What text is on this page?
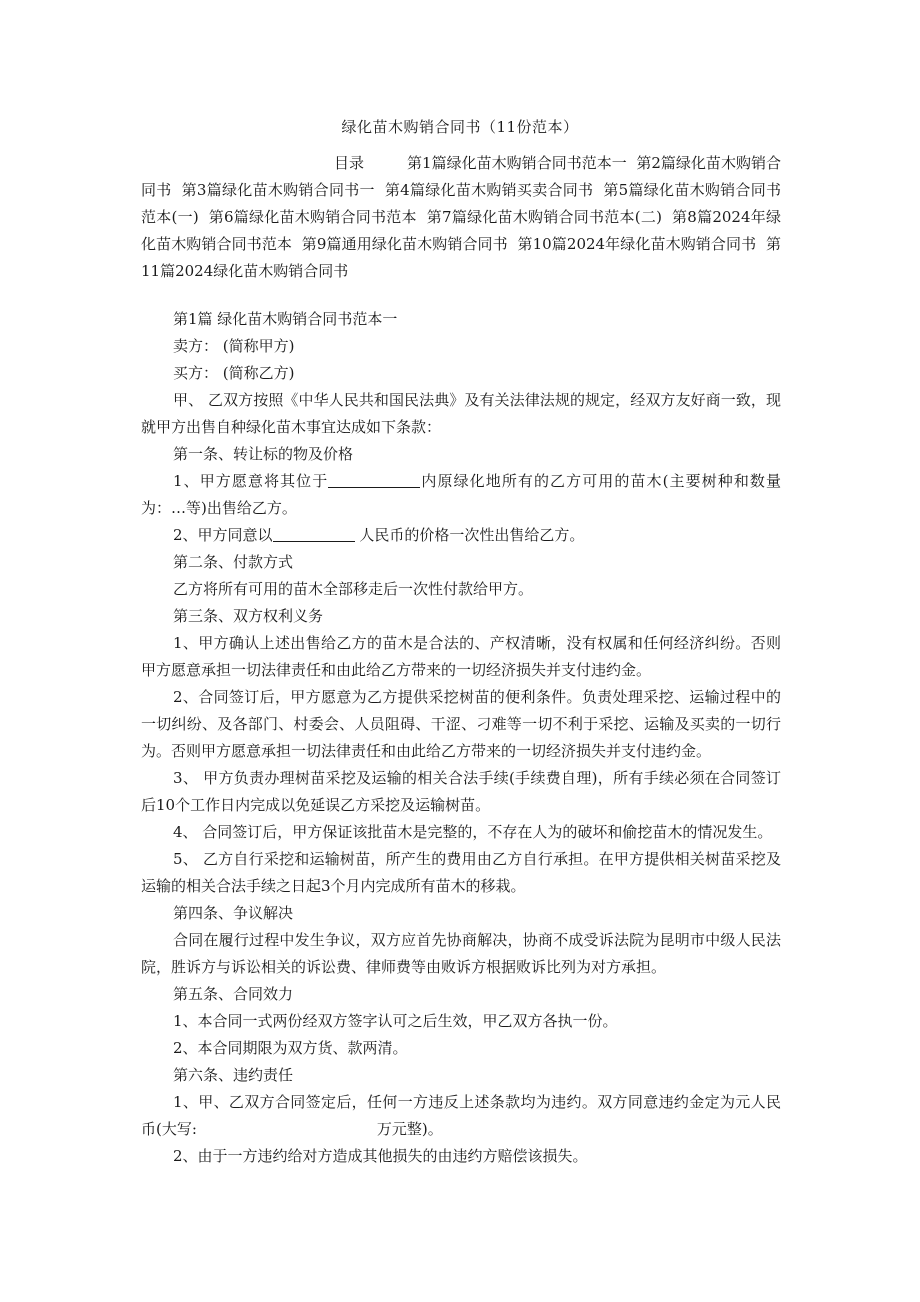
绿化苗木购销合同书（11份范本）
目录	第1篇绿化苗木购销合同书范本一 第2篇绿化苗木购销合同书 第3篇绿化苗木购销合同书一 第4篇绿化苗木购销买卖合同书 第5篇绿化苗木购销合同书范本(一) 第6篇绿化苗木购销合同书范本 第7篇绿化苗木购销合同书范本(二) 第8篇2024年绿化苗木购销合同书范本 第9篇通用绿化苗木购销合同书 第10篇2024年绿化苗木购销合同书 第11篇2024绿化苗木购销合同书

第1篇 绿化苗木购销合同书范本一

卖方： (简称甲方)

买方： (简称乙方)

甲、 乙双方按照《中华人民共和国民法典》及有关法律法规的规定，经双方友好商一致，现就甲方出售自种绿化苗木事宜达成如下条款：

第一条、转让标的物及价格

1、甲方愿意将其位于	内原绿化地所有的乙方可用的苗木(主要树种和数量为：…等)出售给乙方。

2、甲方同意以	人民币的价格一次性出售给乙方。

第二条、付款方式

乙方将所有可用的苗木全部移走后一次性付款给甲方。

第三条、双方权利义务

1、甲方确认上述出售给乙方的苗木是合法的、产权清晰，没有权属和任何经济纠纷。否则甲方愿意承担一切法律责任和由此给乙方带来的一切经济损失并支付违约金。

2、合同签订后，甲方愿意为乙方提供采挖树苗的便利条件。负责处理采挖、运输过程中的一切纠纷、及各部门、村委会、人员阻碍、干涩、刁难等一切不利于采挖、运输及买卖的一切行为。否则甲方愿意承担一切法律责任和由此给乙方带来的一切经济损失并支付违约金。

3、 甲方负责办理树苗采挖及运输的相关合法手续(手续费自理)，所有手续必须在合同签订后10个工作日内完成以免延误乙方采挖及运输树苗。

4、 合同签订后，甲方保证该批苗木是完整的，不存在人为的破坏和偷挖苗木的情况发生。

5、 乙方自行采挖和运输树苗，所产生的费用由乙方自行承担。在甲方提供相关树苗采挖及运输的相关合法手续之日起3个月内完成所有苗木的移栽。

第四条、争议解决

合同在履行过程中发生争议，双方应首先协商解决，协商不成受诉法院为昆明市中级人民法院，胜诉方与诉讼相关的诉讼费、律师费等由败诉方根据败诉比列为对方承担。

第五条、合同效力

1、本合同一式两份经双方签字认可之后生效，甲乙双方各执一份。

2、本合同期限为双方货、款两清。

第六条、违约责任

1、甲、乙双方合同签定后，任何一方违反上述条款均为违约。双方同意违约金定为元人民币(大写:	万元整)。

2、由于一方违约给对方造成其他损失的由违约方赔偿该损失。
